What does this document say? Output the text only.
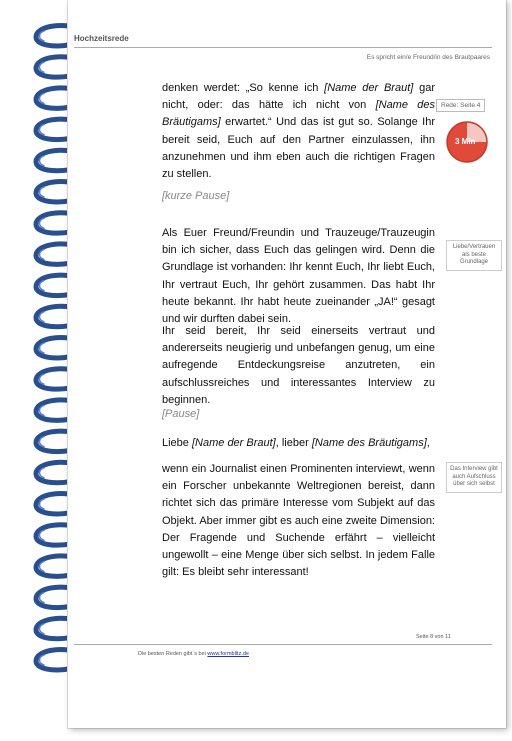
Hochzeitsrede
Es spricht ein/e Freund/in des Brautpaares
Rede: Seite 4
3 Min
Liebe/Vertrauen als beste Grundlage
Das Interview gibt auch Aufschluss über sich selbst
denken werdet: „So kenne ich [Name der Braut] gar nicht, oder: das hätte ich nicht von [Name des Bräutigams] erwartet.“ Und das ist gut so. Solange Ihr bereit seid, Euch auf den Partner einzulassen, ihn anzunehmen und ihm eben auch die richtigen Fragen zu stellen.
[kurze Pause]
Als Euer Freund/Freundin und Trauzeuge/Trauzeugin bin ich sicher, dass Euch das gelingen wird. Denn die Grundlage ist vorhanden: Ihr kennt Euch, Ihr liebt Euch, Ihr vertraut Euch, Ihr gehört zusammen. Das habt Ihr heute bekannt. Ihr habt heute zueinander „JA!“ gesagt und wir durften dabei sein.
Ihr seid bereit, Ihr seid einerseits vertraut und andererseits neugierig und unbefangen genug, um eine aufregende Entdeckungsreise anzutreten, ein aufschlussreiches und interessantes Interview zu beginnen.
[Pause]
Liebe [Name der Braut], lieber [Name des Bräutigams],
wenn ein Journalist einen Prominenten interviewt, wenn ein Forscher unbekannte Weltregionen bereist, dann richtet sich das primäre Interesse vom Subjekt auf das Objekt. Aber immer gibt es auch eine zweite Dimension: Der Fragende und Suchende erfährt – vielleicht ungewollt – eine Menge über sich selbst. In jedem Falle gilt: Es bleibt sehr interessant!
Seite 8 von 11
Die besten Reden gibt´s bei www.formblitz.de
